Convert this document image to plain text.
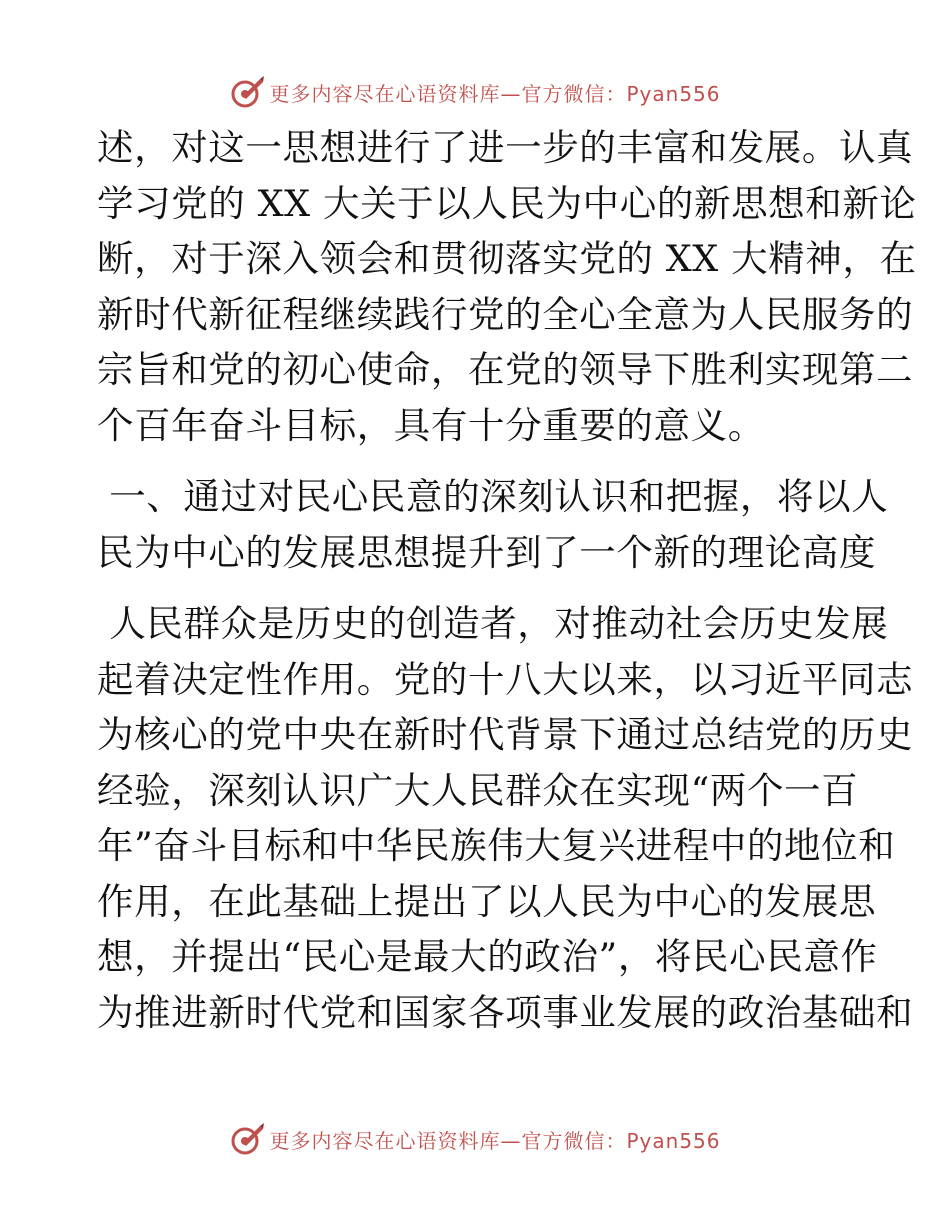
更多内容尽在心语资料库—官方微信：Pyan556
述，对这一思想进行了进一步的丰富和发展。认真
学习党的 XX 大关于以人民为中心的新思想和新论
断，对于深入领会和贯彻落实党的 XX 大精神，在
新时代新征程继续践行党的全心全意为人民服务的
宗旨和党的初心使命，在党的领导下胜利实现第二
个百年奋斗目标，具有十分重要的意义。
一、通过对民心民意的深刻认识和把握，将以人
民为中心的发展思想提升到了一个新的理论高度
人民群众是历史的创造者，对推动社会历史发展
起着决定性作用。党的十八大以来，以习近平同志
为核心的党中央在新时代背景下通过总结党的历史
经验，深刻认识广大人民群众在实现“两个一百
年”奋斗目标和中华民族伟大复兴进程中的地位和
作用，在此基础上提出了以人民为中心的发展思
想，并提出“民心是最大的政治”，将民心民意作
为推进新时代党和国家各项事业发展的政治基础和
更多内容尽在心语资料库—官方微信：Pyan556
